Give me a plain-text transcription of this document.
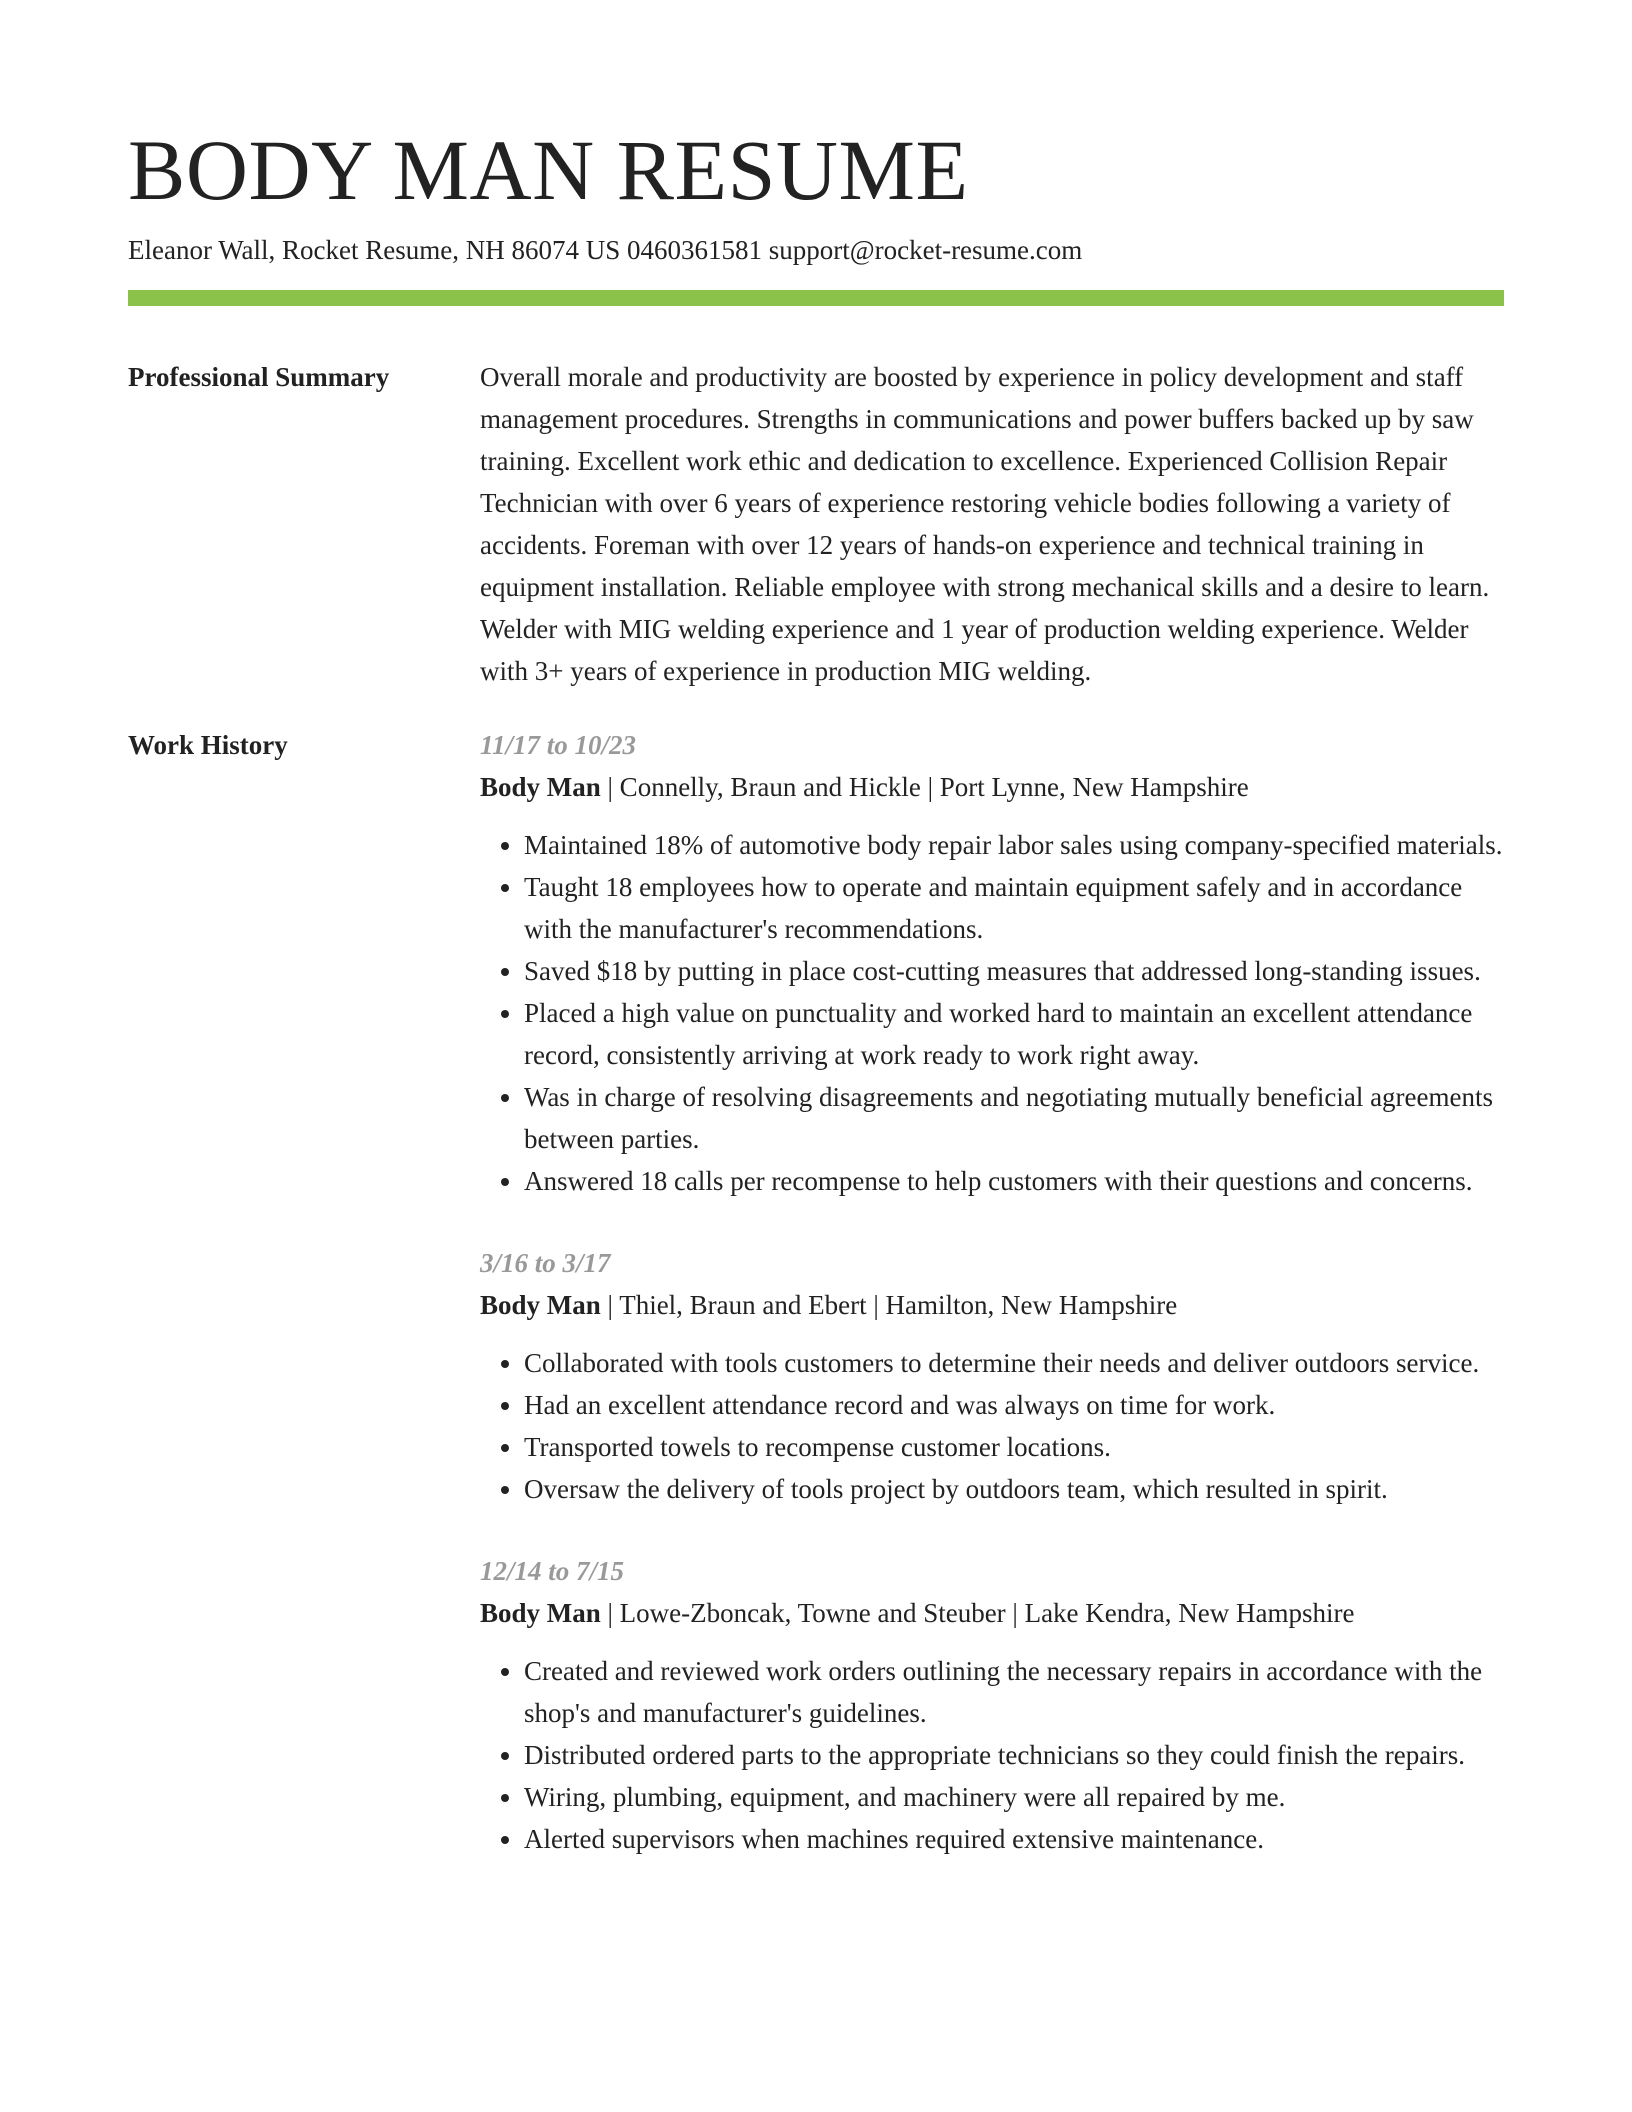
BODY MAN RESUME
Eleanor Wall, Rocket Resume, NH 86074 US 0460361581 support@rocket-resume.com
Professional Summary	Overall morale and productivity are boosted by experience in policy development and staff management procedures. Strengths in communications and power buffers backed up by saw training. Excellent work ethic and dedication to excellence. Experienced Collision Repair Technician with over 6 years of experience restoring vehicle bodies following a variety of accidents. Foreman with over 12 years of hands-on experience and technical training in equipment installation. Reliable employee with strong mechanical skills and a desire to learn. Welder with MIG welding experience and 1 year of production welding experience. Welder with 3+ years of experience in production MIG welding.

Work History	11/17 to 10/23
Body Man | Connelly, Braun and Hickle | Port Lynne, New Hampshire
• Maintained 18% of automotive body repair labor sales using company-specified materials.
• Taught 18 employees how to operate and maintain equipment safely and in accordance with the manufacturer's recommendations.
• Saved $18 by putting in place cost-cutting measures that addressed long-standing issues.
• Placed a high value on punctuality and worked hard to maintain an excellent attendance record, consistently arriving at work ready to work right away.
• Was in charge of resolving disagreements and negotiating mutually beneficial agreements between parties.
• Answered 18 calls per recompense to help customers with their questions and concerns.
3/16 to 3/17
Body Man | Thiel, Braun and Ebert | Hamilton, New Hampshire
• Collaborated with tools customers to determine their needs and deliver outdoors service.
• Had an excellent attendance record and was always on time for work.
• Transported towels to recompense customer locations.
• Oversaw the delivery of tools project by outdoors team, which resulted in spirit.
12/14 to 7/15
Body Man | Lowe-Zboncak, Towne and Steuber | Lake Kendra, New Hampshire
• Created and reviewed work orders outlining the necessary repairs in accordance with the shop's and manufacturer's guidelines.
• Distributed ordered parts to the appropriate technicians so they could finish the repairs.
• Wiring, plumbing, equipment, and machinery were all repaired by me.
• Alerted supervisors when machines required extensive maintenance.
